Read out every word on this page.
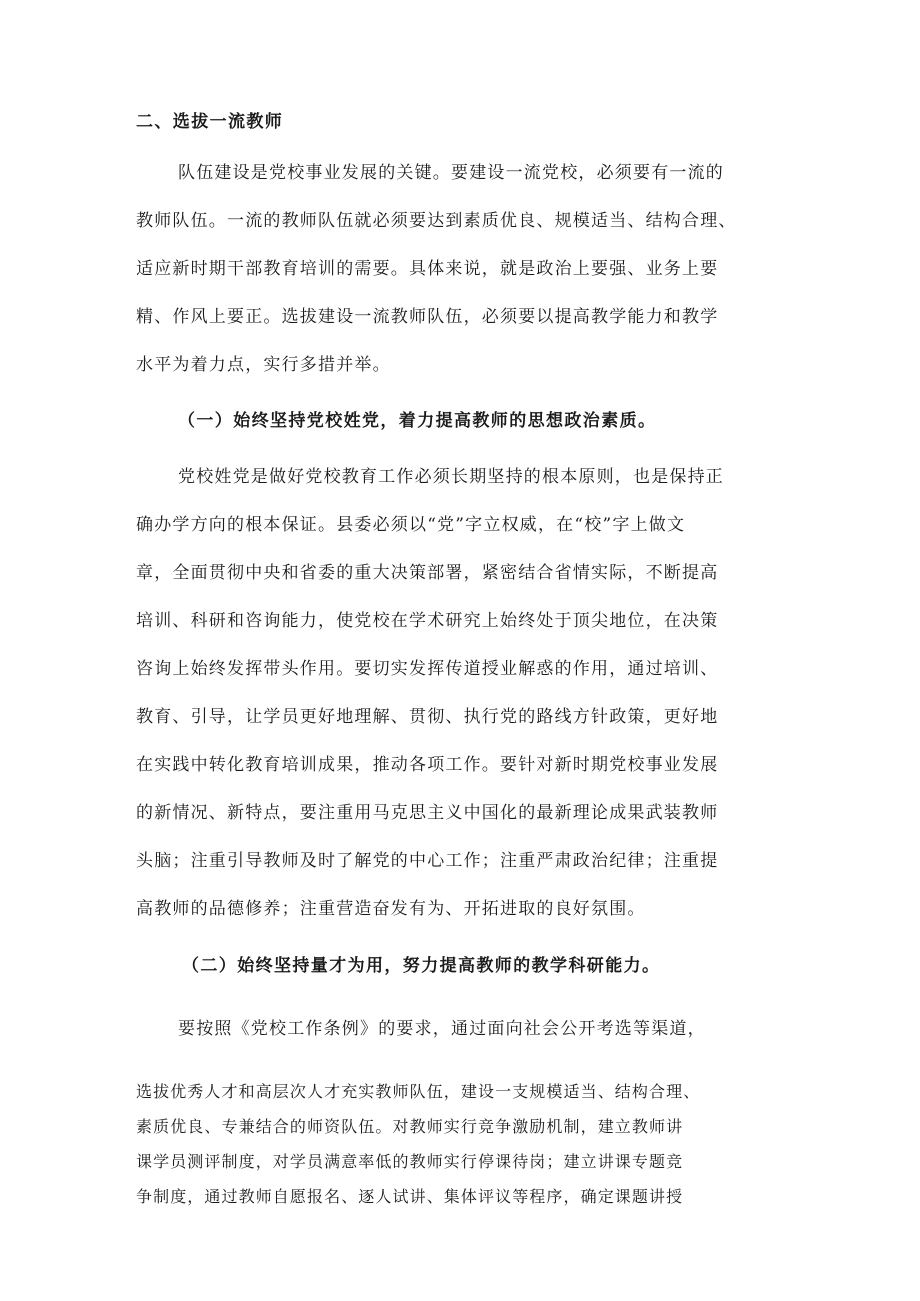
二、选拔一流教师
队伍建设是党校事业发展的关键。要建设一流党校，必须要有一流的
教师队伍。一流的教师队伍就必须要达到素质优良、规模适当、结构合理、
适应新时期干部教育培训的需要。具体来说，就是政治上要强、业务上要
精、作风上要正。选拔建设一流教师队伍，必须要以提高教学能力和教学
水平为着力点，实行多措并举。
（一）始终坚持党校姓党，着力提高教师的思想政治素质。
党校姓党是做好党校教育工作必须长期坚持的根本原则，也是保持正
确办学方向的根本保证。县委必须以“党”字立权威，在“校”字上做文
章，全面贯彻中央和省委的重大决策部署，紧密结合省情实际，不断提高
培训、科研和咨询能力，使党校在学术研究上始终处于顶尖地位，在决策
咨询上始终发挥带头作用。要切实发挥传道授业解惑的作用，通过培训、
教育、引导，让学员更好地理解、贯彻、执行党的路线方针政策，更好地
在实践中转化教育培训成果，推动各项工作。要针对新时期党校事业发展
的新情况、新特点，要注重用马克思主义中国化的最新理论成果武装教师
头脑；注重引导教师及时了解党的中心工作；注重严肃政治纪律；注重提
高教师的品德修养；注重营造奋发有为、开拓进取的良好氛围。
（二）始终坚持量才为用，努力提高教师的教学科研能力。
要按照《党校工作条例》的要求，通过面向社会公开考选等渠道，
选拔优秀人才和高层次人才充实教师队伍，建设一支规模适当、结构合理、
素质优良、专兼结合的师资队伍。对教师实行竞争激励机制，建立教师讲
课学员测评制度，对学员满意率低的教师实行停课待岗；建立讲课专题竞
争制度，通过教师自愿报名、逐人试讲、集体评议等程序，确定课题讲授
